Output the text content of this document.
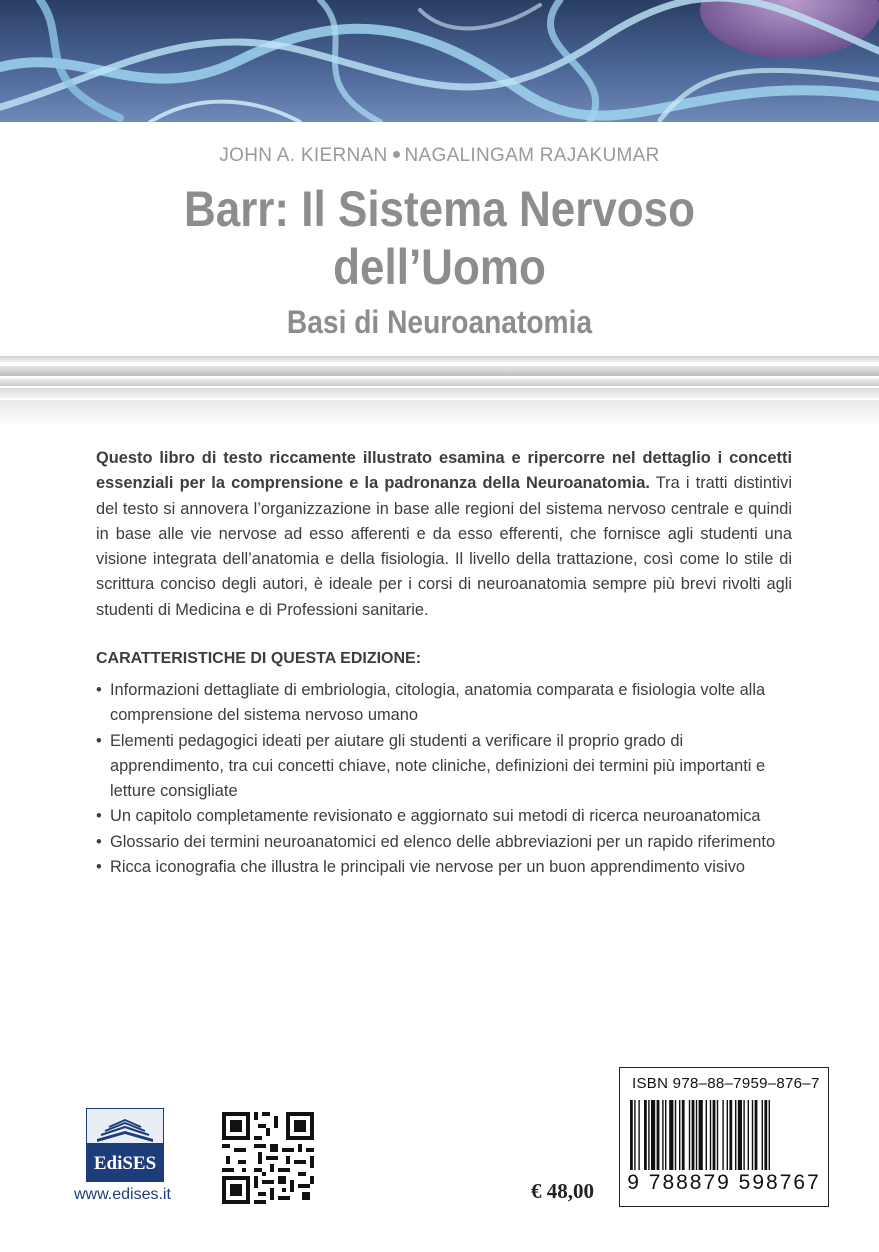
JOHN A. KIERNAN NAGALINGAM RAJAKUMAR
Barr: Il Sistema Nervoso
dell’Uomo
Basi di Neuroanatomia

Questo libro di testo riccamente illustrato esamina e ripercorre nel dettaglio i concetti essenziali per la comprensione e la padronanza della Neuroanatomia. Tra i tratti distintivi del testo si annovera l’organizzazione in base alle regioni del sistema nervoso centrale e quindi in base alle vie nervose ad esso afferenti e da esso efferenti, che fornisce agli studenti una visione integrata dell’anatomia e della fisiologia. Il livello della trattazione, così come lo stile di scrittura conciso degli autori, è ideale per i corsi di neuroanatomia sempre più brevi rivolti agli studenti di Medicina e di Professioni sanitarie.

CARATTERISTICHE DI QUESTA EDIZIONE:

• Informazioni dettagliate di embriologia, citologia, anatomia comparata e fisiologia volte alla comprensione del sistema nervoso umano
• Elementi pedagogici ideati per aiutare gli studenti a verificare il proprio grado di apprendimento, tra cui concetti chiave, note cliniche, definizioni dei termini più importanti e letture consigliate
• Un capitolo completamente revisionato e aggiornato sui metodi di ricerca neuroanatomica
• Glossario dei termini neuroanatomici ed elenco delle abbreviazioni per un rapido riferimento
• Ricca iconografia che illustra le principali vie nervose per un buon apprendimento visivo
EdiSES
www.edises.it	€ 48,00
ISBN 978–88–7959–876–7
9 788879 598767
